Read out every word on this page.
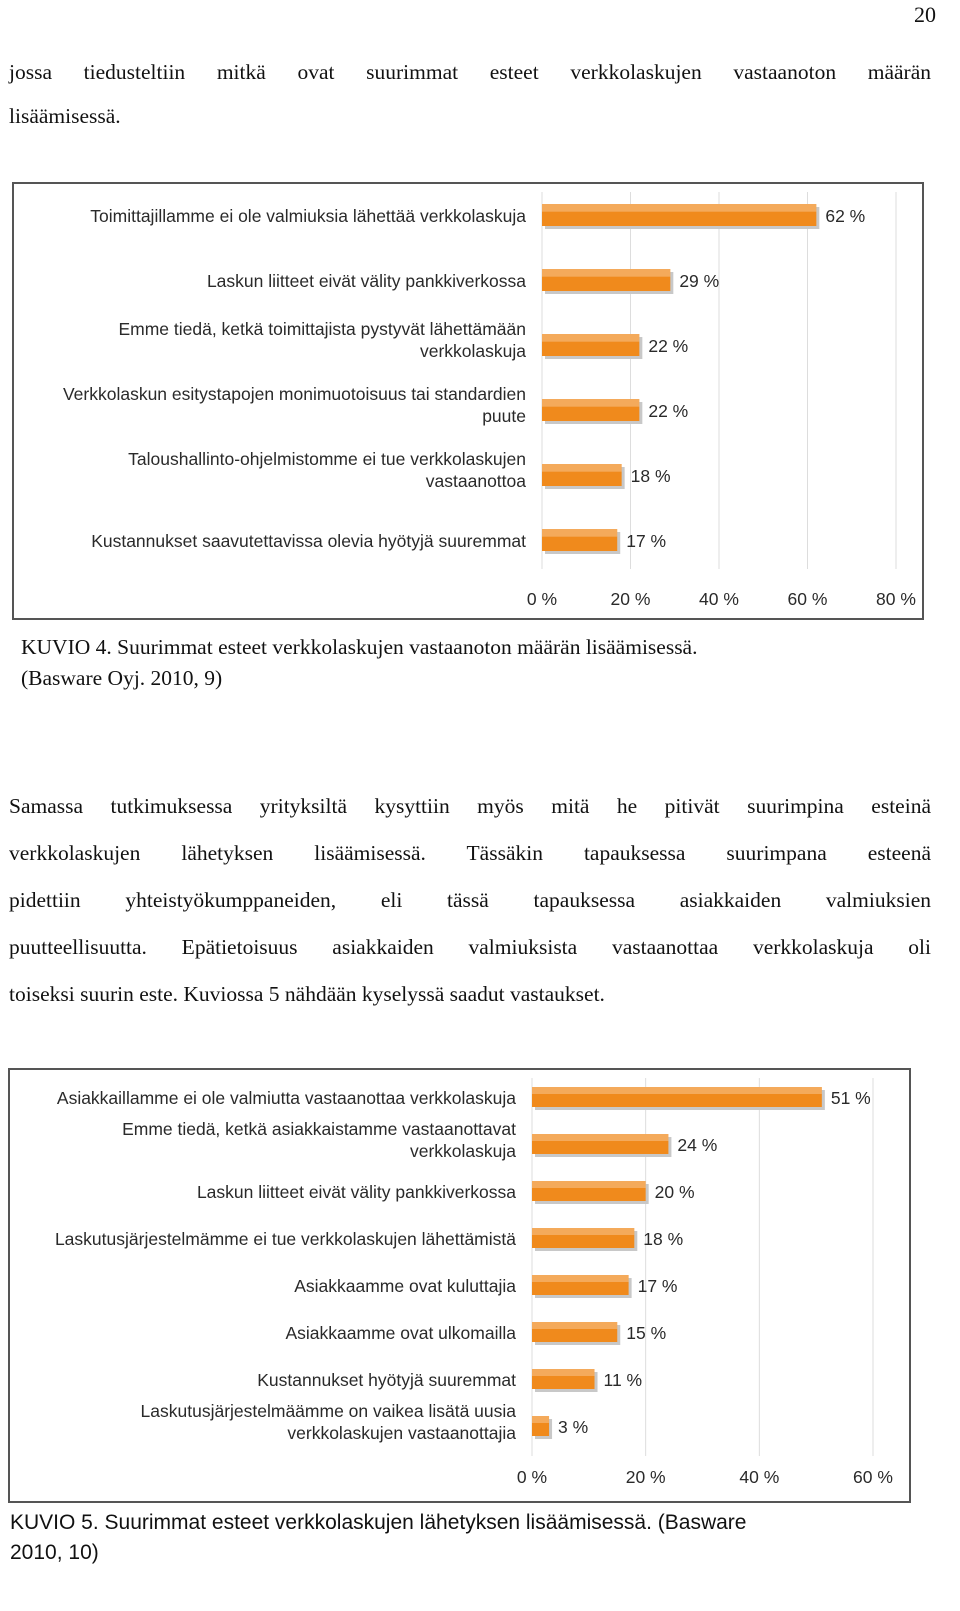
20
jossa tiedusteltiin mitkä ovat suurimmat esteet verkkolaskujen vastaanoton määrän
lisäämisessä.
62 %
Toimittajillamme ei ole valmiuksia lähettää verkkolaskuja
29 %
Laskun liitteet eivät välity pankkiverkossa
22 %
Emme tiedä, ketkä toimittajista pystyvät lähettämään
verkkolaskuja
22 %
Verkkolaskun esitystapojen monimuotoisuus tai standardien
puute
18 %
Taloushallinto-ohjelmistomme ei tue verkkolaskujen
vastaanottoa
17 %
Kustannukset saavutettavissa olevia hyötyjä suuremmat
0 %	20 %	40 %	60 %	80 %
KUVIO 4. Suurimmat esteet verkkolaskujen vastaanoton määrän lisäämisessä.
(Basware Oyj. 2010, 9)
Samassa tutkimuksessa yrityksiltä kysyttiin myös mitä he pitivät suurimpina esteinä
verkkolaskujen lähetyksen lisäämisessä. Tässäkin tapauksessa suurimpana esteenä
pidettiin yhteistyökumppaneiden, eli tässä tapauksessa asiakkaiden valmiuksien
puutteellisuutta. Epätietoisuus asiakkaiden valmiuksista vastaanottaa verkkolaskuja oli
toiseksi suurin este. Kuviossa 5 nähdään kyselyssä saadut vastaukset.
51 %
Asiakkaillamme ei ole valmiutta vastaanottaa verkkolaskuja
24 %
Emme tiedä, ketkä asiakkaistamme vastaanottavat
verkkolaskuja
20 %
Laskun liitteet eivät välity pankkiverkossa
18 %
Laskutusjärjestelmämme ei tue verkkolaskujen lähettämistä
17 %
Asiakkaamme ovat kuluttajia
15 %
Asiakkaamme ovat ulkomailla
11 %
Kustannukset hyötyjä suuremmat
3 %
Laskutusjärjestelmäämme on vaikea lisätä uusia
verkkolaskujen vastaanottajia
0 %	20 %	40 %	60 %
KUVIO 5. Suurimmat esteet verkkolaskujen lähetyksen lisäämisessä. (Basware
2010, 10)
